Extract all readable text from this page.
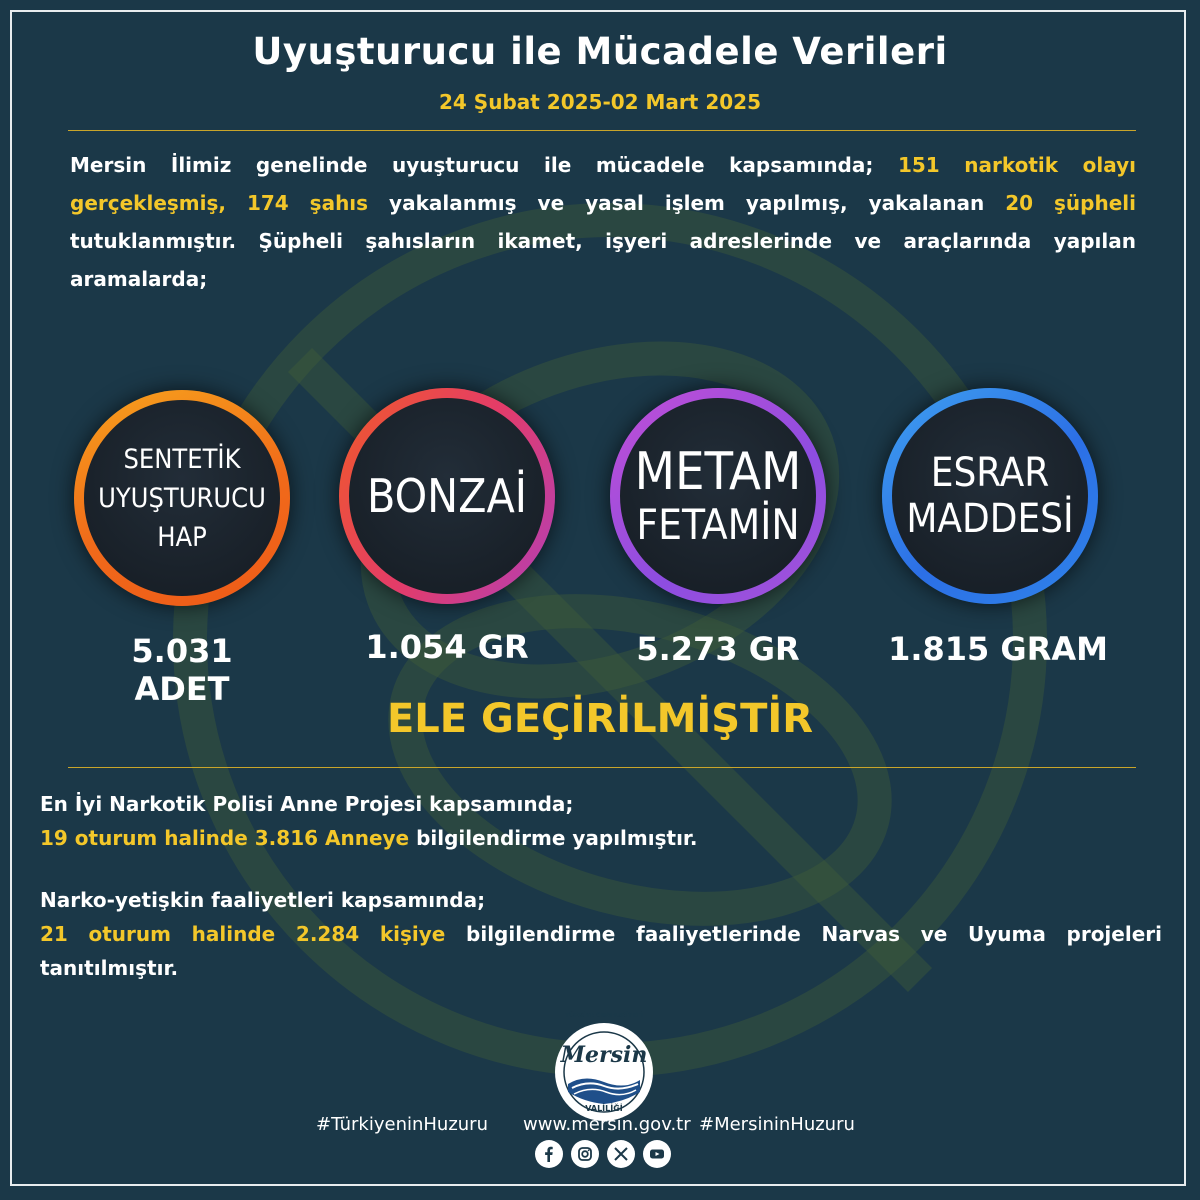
Uyuşturucu ile Mücadele Verileri
24 Şubat 2025-02 Mart 2025
Mersin İlimiz genelinde uyuşturucu ile mücadele kapsamında; 151 narkotik olayı gerçekleşmiş, 174 şahıs yakalanmış ve yasal işlem yapılmış, yakalanan 20 şüpheli tutuklanmıştır. Şüpheli şahısların ikamet, işyeri adreslerinde ve araçlarında yapılan aramalarda;
SENTETİK
UYUŞTURUCU
HAP
BONZAİ METAM
FETAMİN
ESRAR
MADDESİ
5.031
ADET
1.054 GR	5.273 GR	1.815 GRAM
ELE GEÇİRİLMİŞTİR
En İyi Narkotik Polisi Anne Projesi kapsamında;
19 oturum halinde 3.816 Anneye bilgilendirme yapılmıştır.
Narko-yetişkin faaliyetleri kapsamında;
21 oturum halinde 2.284 kişiye bilgilendirme faaliyetlerinde Narvas ve Uyuma projeleri tanıtılmıştır.
TÜRKİYE CUMHURİYETİ
Mersin
VALİLİĞİ
#TürkiyeninHuzuru www.mersin.gov.tr #MersininHuzuru
